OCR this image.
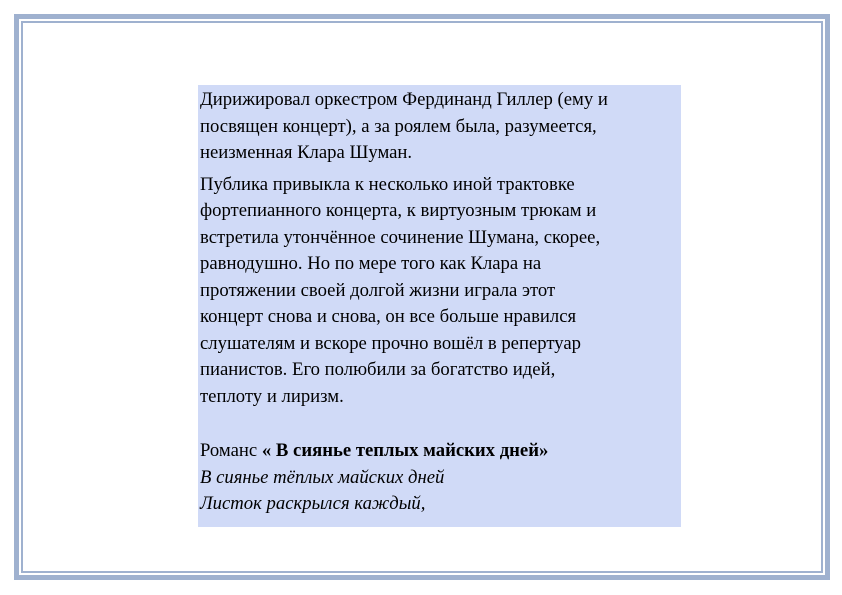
Дирижировал оркестром Фердинанд Гиллер (ему и
посвящен концерт), а за роялем была, разумеется,
неизменная Клара Шуман.

Публика привыкла к несколько иной трактовке
фортепианного концерта, к виртуозным трюкам и
встретила утончённое сочинение Шумана, скорее,
равнодушно. Но по мере того как Клара на
протяжении своей долгой жизни играла этот
концерт снова и снова, он все больше нравился
слушателям и вскоре прочно вошёл в репертуар
пианистов. Его полюбили за богатство идей,
теплоту и лиризм.

Романс « В сиянье теплых майских дней»
В сиянье тёплых майских дней
Листок раскрылся каждый,
